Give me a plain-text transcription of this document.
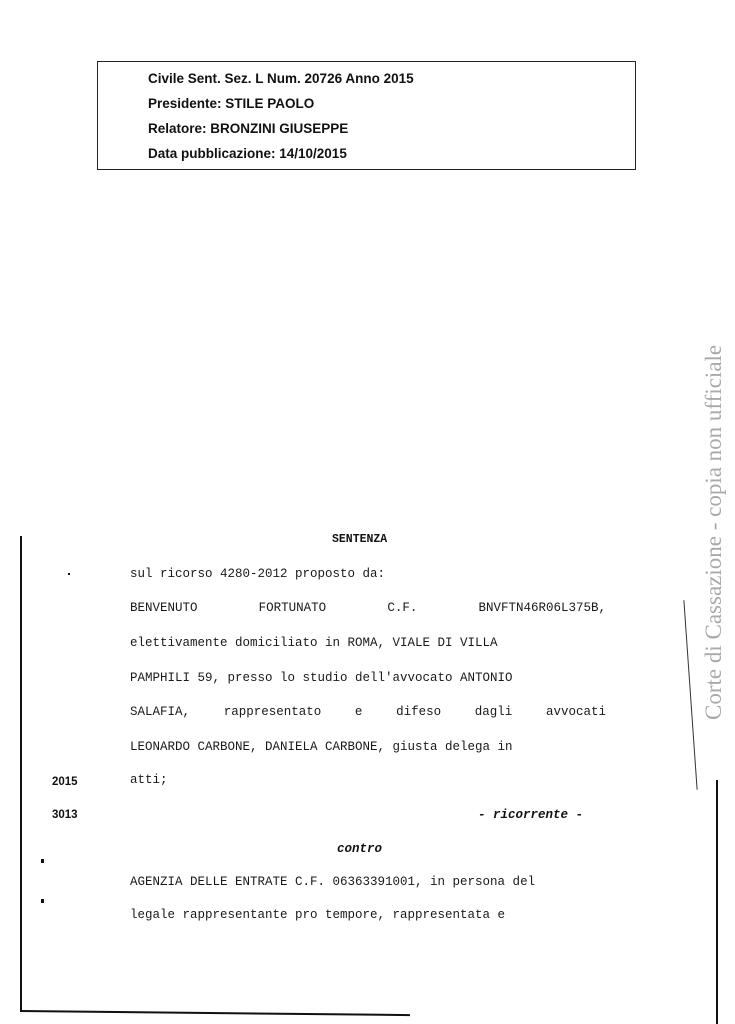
Civile Sent. Sez. L Num. 20726 Anno 2015
Presidente: STILE PAOLO
Relatore: BRONZINI GIUSEPPE
Data pubblicazione: 14/10/2015
Corte di Cassazione - copia non ufficiale
SENTENZA
sul ricorso 4280-2012 proposto da:
BENVENUTO	FORTUNATO	C.F.	BNVFTN46R06L375B,
elettivamente domiciliato in ROMA, VIALE DI VILLA
PAMPHILI 59, presso lo studio dell'avvocato ANTONIO
SALAFIA,	rappresentato	e	difeso	dagli	avvocati
LEONARDO CARBONE, DANIELA CARBONE, giusta delega in
atti;
2015
3013	- ricorrente -
contro
AGENZIA DELLE ENTRATE C.F. 06363391001, in persona del
legale rappresentante pro tempore, rappresentata e
